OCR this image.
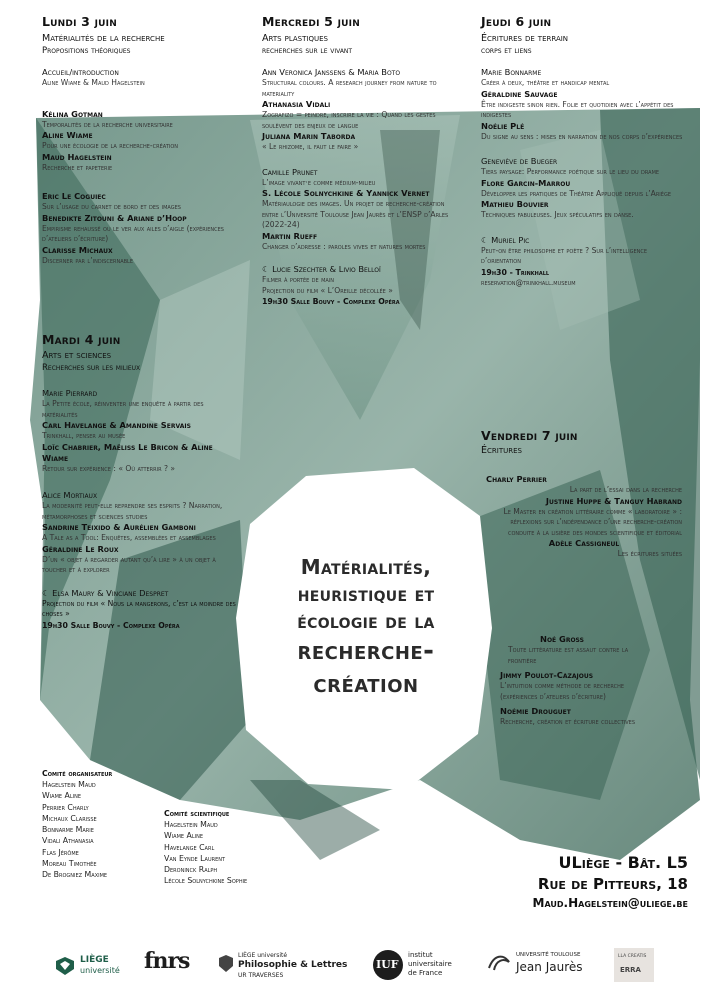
Matérialités,
heuristique et
écologie de la
recherche-
création
Lundi 3 juin
Matérialités de la recherche
Propositions théoriques
Accueil/introduction
Aline Wiame & Maud Hagelstein
Kélina Gotman
Temporalités de la recherche universitaire
Aline Wiame
Pour une écologie de la recherche-création
Maud Hagelstein
Recherche et papeterie
Eric Le Coguiec
Sur l’usage du carnet de bord et des images
Benedikte Zitouni & Ariane d’Hoop
Empirisme rehaussé ou le ver aux ailes d’aigle (expériences d’ateliers d’écriture)
Clarisse Michaux
Discerner par l’indiscernable
Mardi 4 juin
Arts et sciences
Recherches sur les milieux
Marie Pierrard
La Petite école, réinventer une enquête à partir des matérialités
Carl Havelange & Amandine Servais
Trinkhall, penser au musée
Loïc Chabrier, Maëliss Le Bricon & Aline Wiame
Retour sur expérience : « Où atterrir ? »
Alice Mortiaux
La modernité peut-elle reprendre ses esprits ? Narration, métamorphoses et sciences studies
Sandrine Teixido & Aurélien Gamboni
A Tale as a Tool: Enquêtes, assemblées et assemblages
Géraldine Le Roux
D’un « objet à regarder autant qu’à lire » à un objet à toucher et à explorer
☾ Elsa Maury & Vinciane Despret
Projection du film « Nous la mangerons, c’est la moindre des choses »
19h30 Salle Bouvy - Complexe Opéra
Mercredi 5 juin
Arts plastiques
recherches sur le vivant
Ann Veronica Janssens & Maria Boto
Structural colours. A research journey from nature to materiality
Athanasia Vidali
Zografizo = peindre, inscrire la vie : Quand les gestes soulèvent des enjeux de langue
Juliana Marin Taborda
« Le rhizome, il faut le faire »
Camille Prunet
L’image vivant·e comme médium-milieu
S. Lécole Solnychkine & Yannick Vernet
Matériaulogie des images. Un projet de recherche-création entre l’Université Toulouse Jean Jaurès et l’ENSP d’Arles (2022-24)
Martin Rueff
Changer d’adresse : paroles vives et natures mortes
☾ Lucie Szechter & Livio Belloï
Filmer à portée de main
Projection du film « L’Oreille décollée »
19h30 Salle Bouvy - Complexe Opéra
Jeudi 6 juin
Écritures de terrain
corps et liens
Marie Bonnarme
Créer à deux, théâtre et handicap mental
Géraldine Sauvage
Être indigeste sinon rien. Folie et quotidien avec l’appétit des indigestes
Noélie Plé
Du signe au sens : mises en narration de nos corps d’expériences
Geneviève de Bueger
Tiers paysage: Performance poétique sur le lieu du drame
Flore Garcin-Marrou
Développer les pratiques de Théâtre Appliqué depuis l’Ariège
Mathieu Bouvier
Techniques fabuleuses. Jeux spéculatifs en danse.
☾ Muriel Pic
Peut-on être philosophe et poète ? Sur l’intelligence d’orientation
19h30 - Trinkhall
reservation@trinkhall.museum
Vendredi 7 juin
Écritures
Charly Perrier
La part de l’essai dans la recherche
Justine Huppe & Tanguy Habrand
Le Master en création littéraire comme « laboratoire » : réflexions sur l’indépendance d’une recherche-création conduite à la lisière des mondes scientifique et éditorial
Adèle Cassigneul
Les écritures situées
Noé Gross
Toute littérature est assaut contre la frontière
Jimmy Poulot-Cazajous
L’intuition comme méthode de recherche (expériences d’ateliers d’écriture)
Noémie Drouguet
Recherche, création et écriture collectives
Comité organisateur
Hagelstein Maud
Wiame Aline
Perrier Charly
Michaux Clarisse
Bonnarme Marie
Vidali Athanasia
Flas Jérôme
Moreau Timothée
De Brogniez Maxime
Comité scientifique
Hagelstein Maud
Wiame Aline
Havelange Carl
Van Eynde Laurent
Deroninck Ralph
Lécole Solnychkine Sophie
ULiège - Bât. L5
Rue de Pitteurs, 18
Maud.Hagelstein@uliege.be
LIÈGE
université fnrs	LIÈGE université
Philosophie & Lettres
UR TRAVERSES
IUF
institut
universitaire
de France
UNIVERSITÉ TOULOUSE
Jean Jaurès
LLA CREATIS
ERRA
